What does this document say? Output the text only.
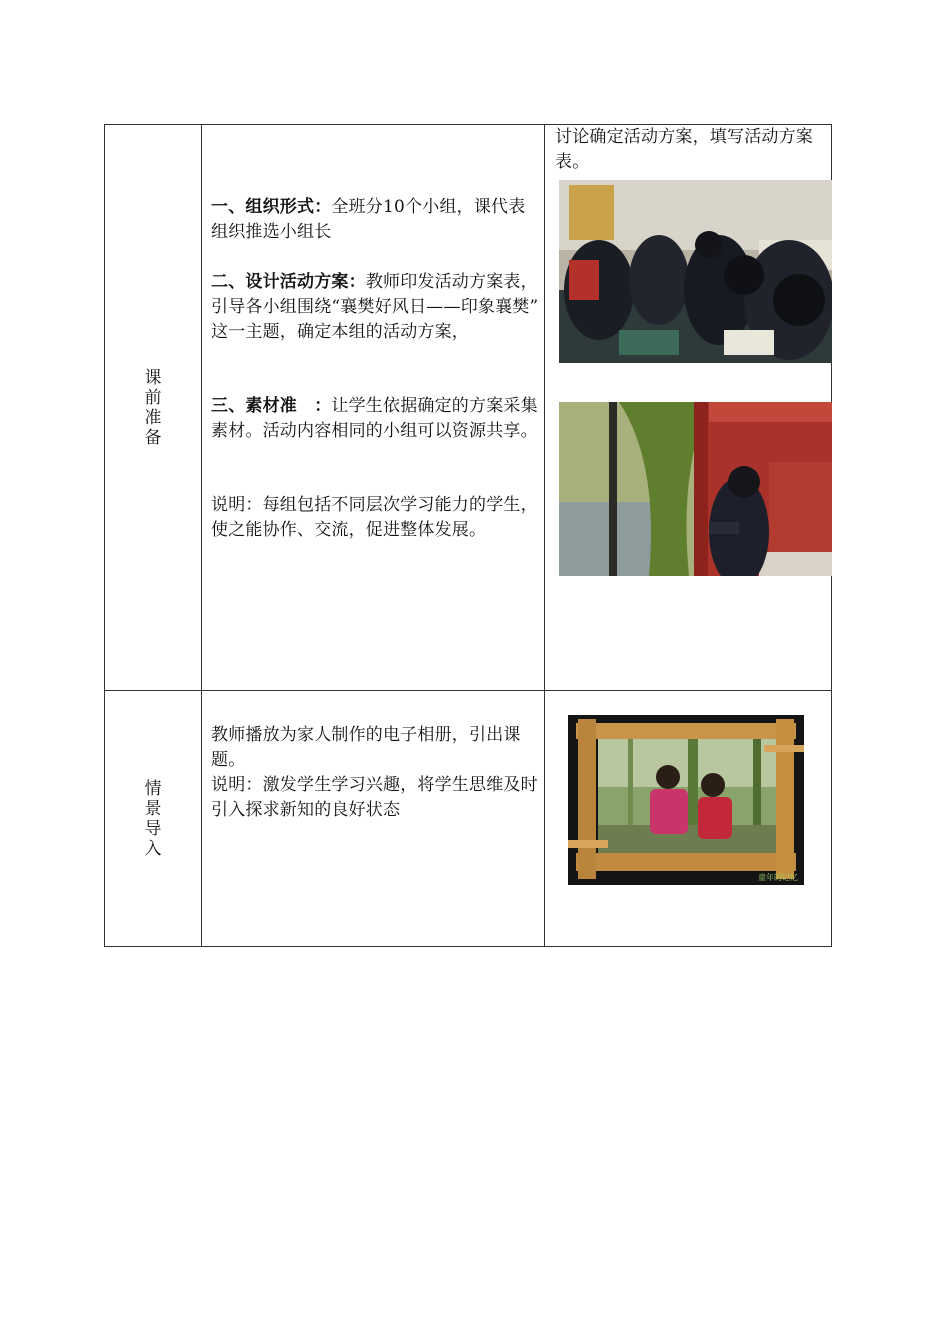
课
前
准
备

一、组织形式：全班分10个小组，课代表组织推选小组长

二、设计活动方案：教师印发活动方案表，引导各小组围绕“襄樊好风日——印象襄樊” 这一主题，确定本组的活动方案，

三、素材准　：让学生依据确定的方案采集素材。活动内容相同的小组可以资源共享。

说明：每组包括不同层次学习能力的学生，使之能协作、交流，促进整体发展。

讨论确定活动方案，填写活动方案表。

情
景
导
入

教师播放为家人制作的电子相册，引出课题。
说明：激发学生学习兴趣，将学生思维及时引入探求新知的良好状态

童年的记忆
